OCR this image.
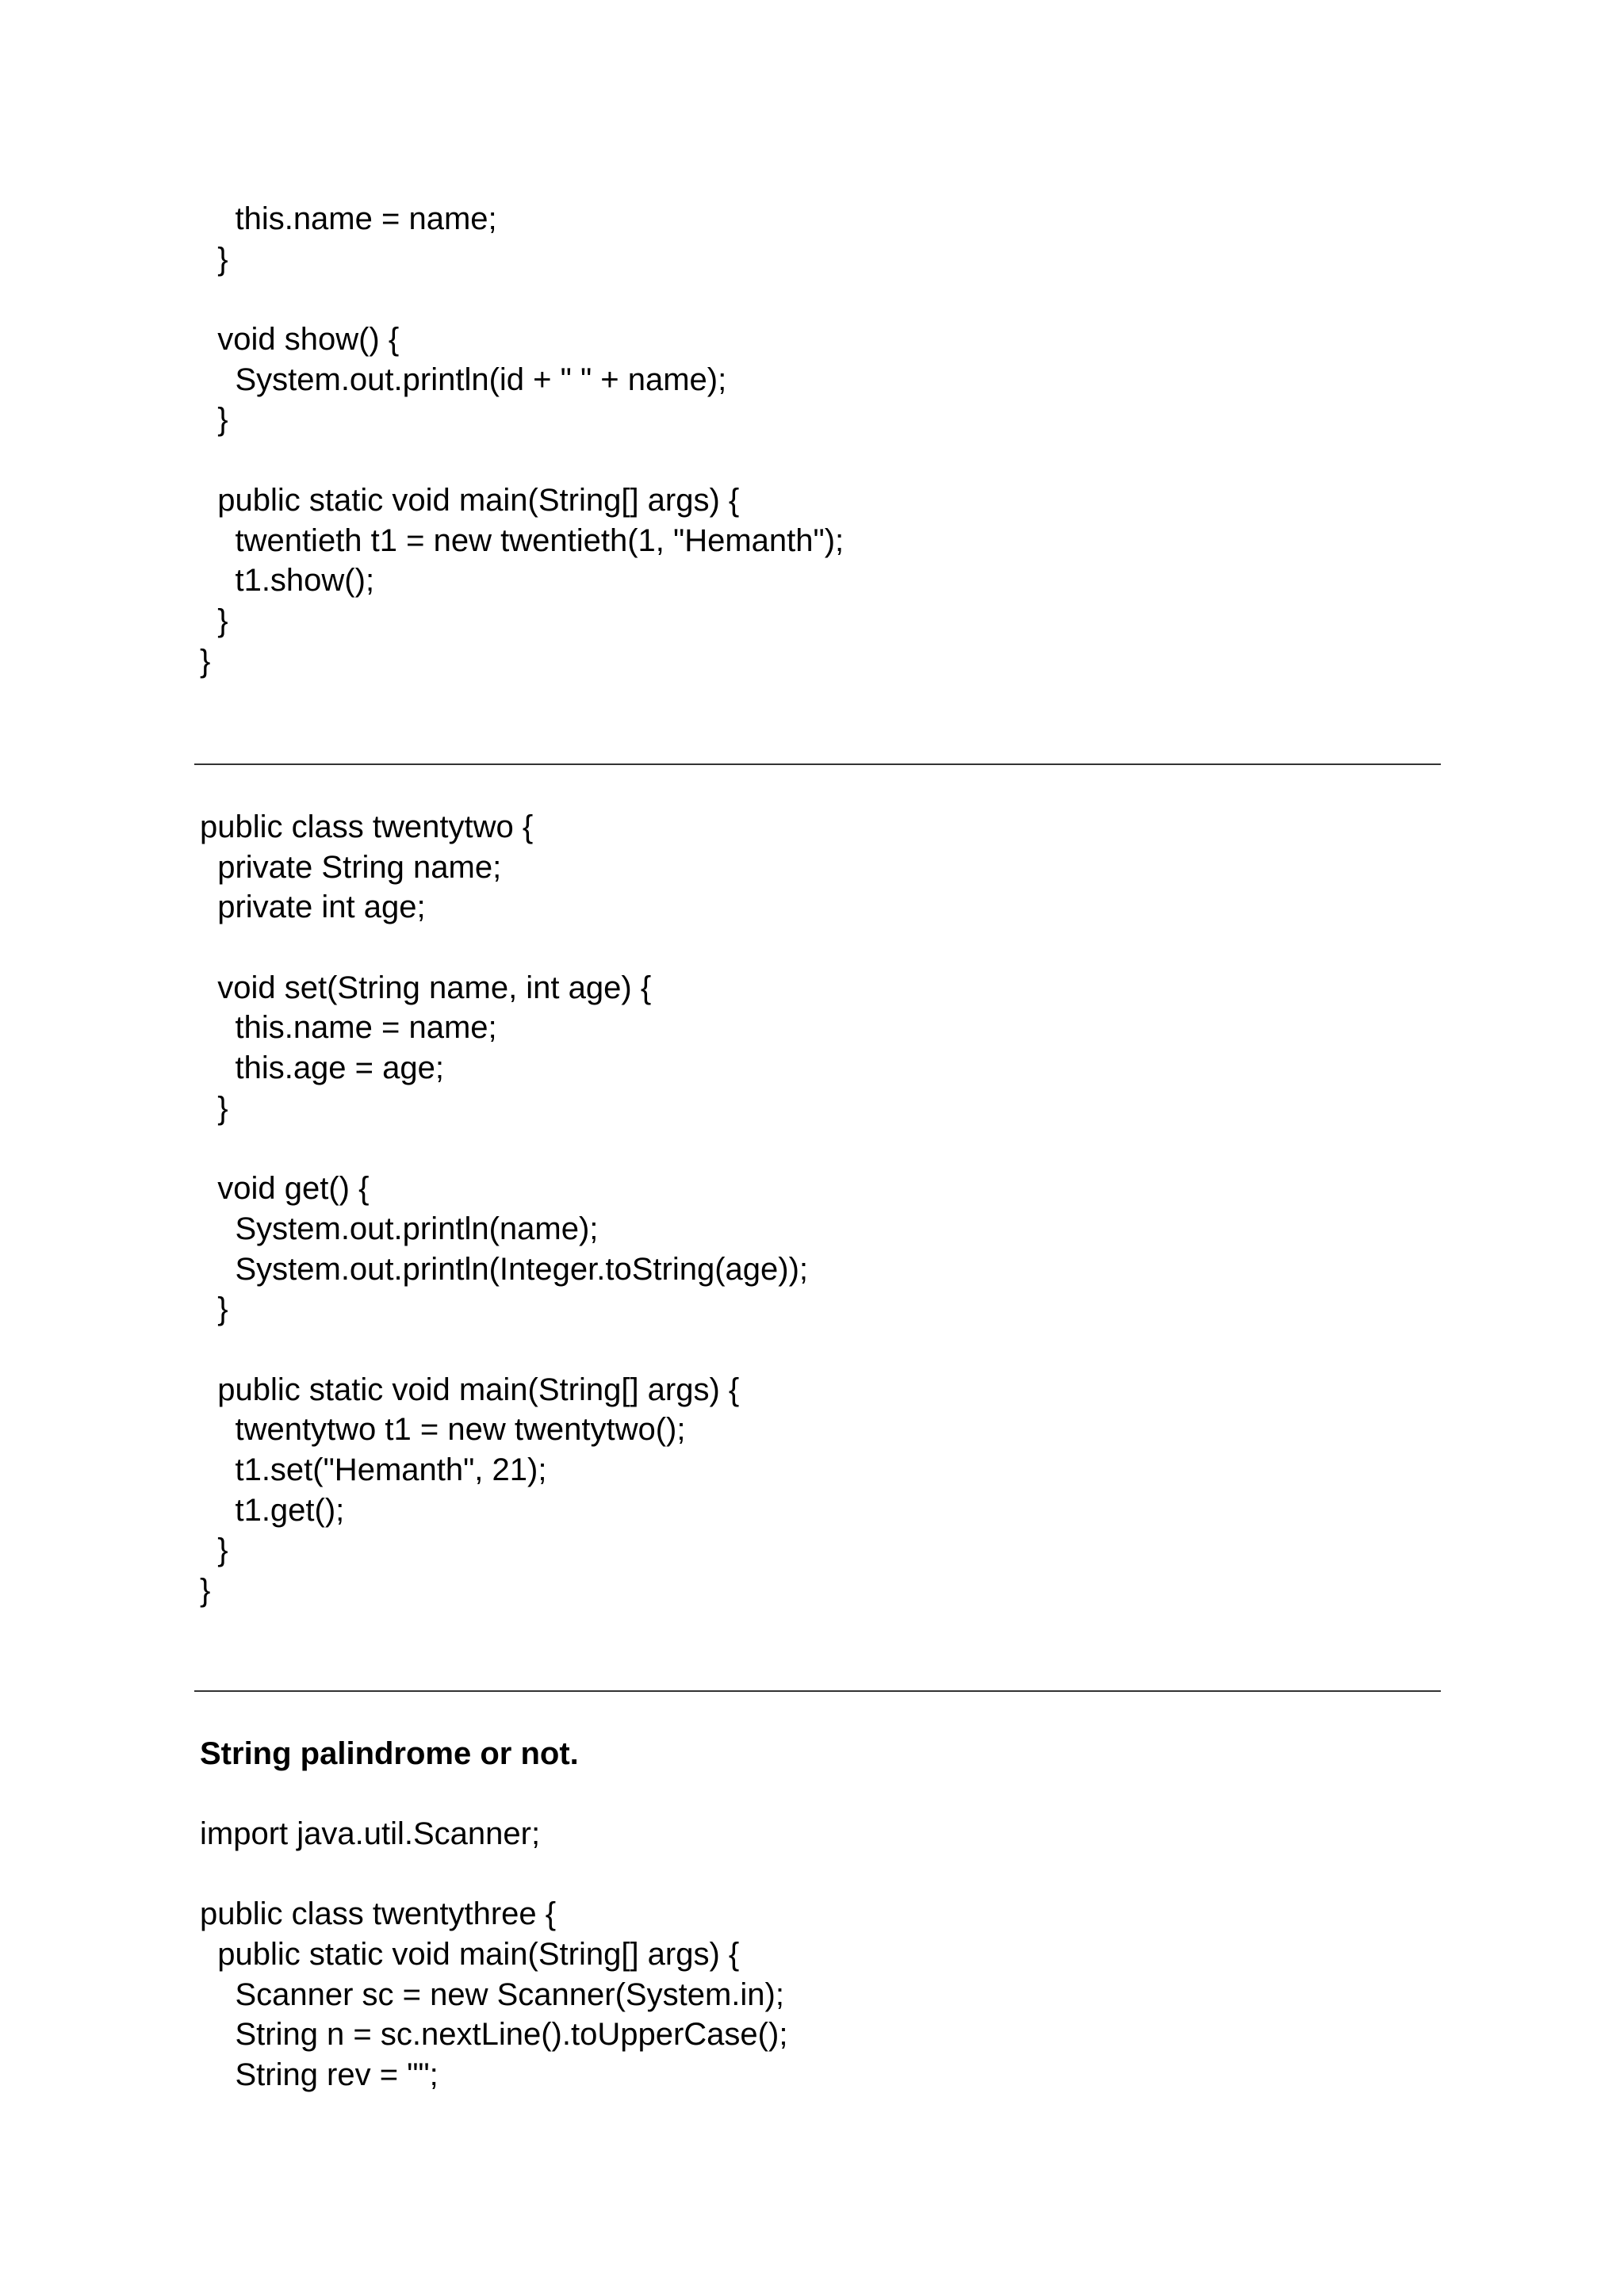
this.name = name;
}
void show() {
System.out.println(id + " " + name);
}
public static void main(String[] args) {
twentieth t1 = new twentieth(1, "Hemanth");
t1.show();
}
}
public class twentytwo {
private String name;
private int age;
void set(String name, int age) {
this.name = name;
this.age = age;
}
void get() {
System.out.println(name);
System.out.println(Integer.toString(age));
}
public static void main(String[] args) {
twentytwo t1 = new twentytwo();
t1.set("Hemanth", 21);
t1.get();
}
}
String palindrome or not.
import java.util.Scanner;
public class twentythree {
public static void main(String[] args) {
Scanner sc = new Scanner(System.in);
String n = sc.nextLine().toUpperCase();
String rev = "";
